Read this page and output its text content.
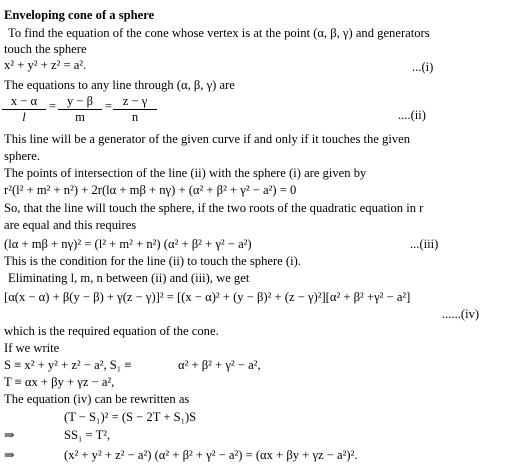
Enveloping cone of a sphere
To find the equation of the cone whose vertex is at the point (α, β, γ) and generators
touch the sphere
x² + y² + z² = a².	...(i)
The equations to any line through (α, β, γ) are
$\frac{x - \alpha}{l} = \frac{y - \beta}{m} = \frac{z - \gamma}{n}$	....(ii)
This line will be a generator of the given curve if and only if it touches the given
sphere.
The points of intersection of the line (ii) with the sphere (i) are given by
r²(l² + m² + n²) + 2r(lα + mβ + nγ) + (α² + β² + γ² − a²) = 0
So, that the line will touch the sphere, if the two roots of the quadratic equation in r
are equal and this requires
(lα + mβ + nγ)² = (l² + m² + n²) (α² + β² + γ² − a²)	...(iii)
This is the condition for the line (ii) to touch the sphere (i).
Eliminating l, m, n between (ii) and (iii), we get
[α(x − α) + β(y − β) + γ(z − γ)]² = [(x − α)² + (y − β)² + (z − γ)²][α² + β² +γ² − a²]
......(iv)
which is the required equation of the cone.
If we write
S ≡ x² + y² + z² − a², S₁ ≡	α² + β² + γ² − a²,
T ≡ αx + βy + γz − a²,
The equation (iv) can be rewritten as
(T − S₁)² = (S − 2T + S₁)S
⇒	SS₁ = T²,
⇒	(x² + y² + z² − a²) (α² + β² + γ² − a²) = (αx + βy + γz − a²)².
